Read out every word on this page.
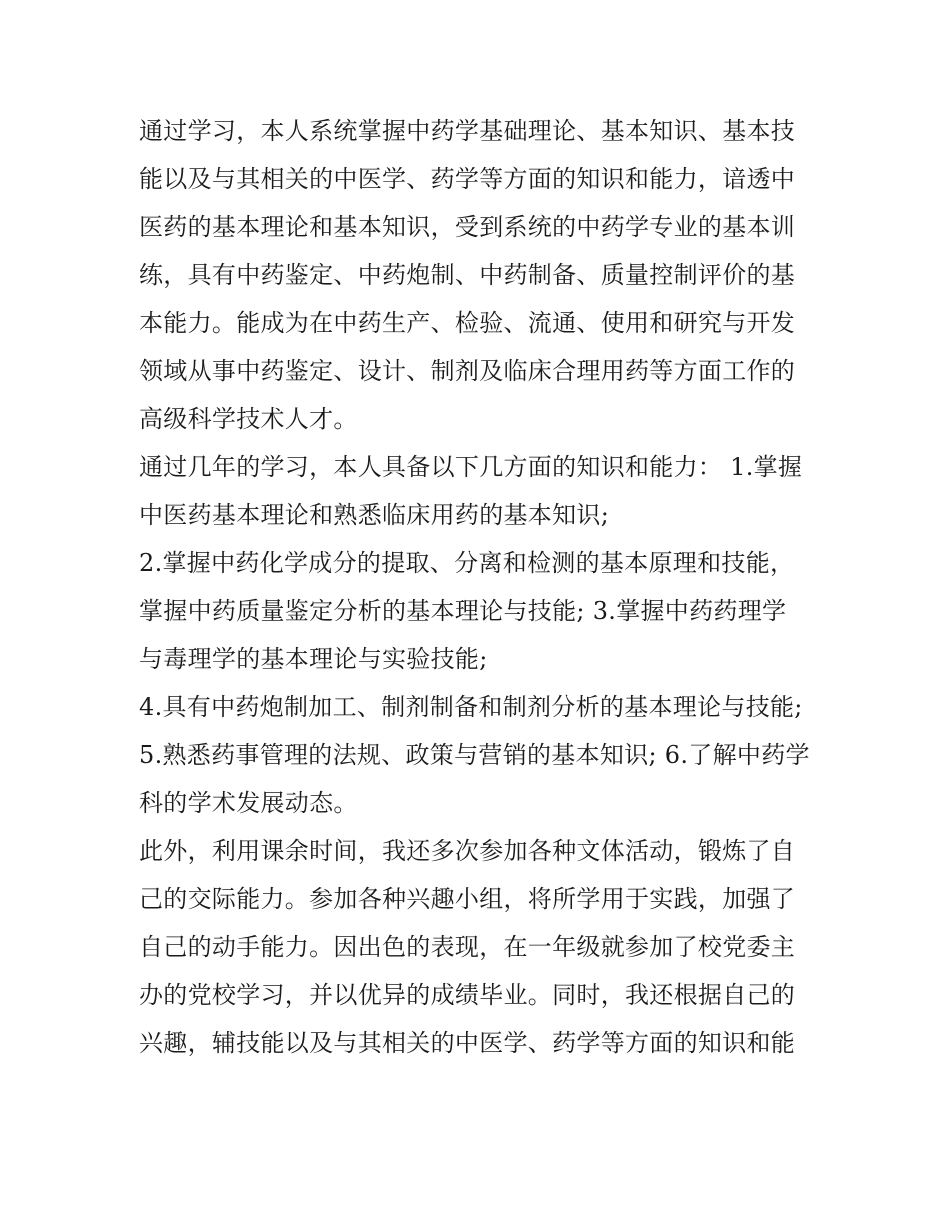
通过学习，本人系统掌握中药学基础理论、基本知识、基本技
能以及与其相关的中医学、药学等方面的知识和能力，谙透中
医药的基本理论和基本知识，受到系统的中药学专业的基本训
练，具有中药鉴定、中药炮制、中药制备、质量控制评价的基
本能力。能成为在中药生产、检验、流通、使用和研究与开发
领域从事中药鉴定、设计、制剂及临床合理用药等方面工作的
高级科学技术人才。
通过几年的学习，本人具备以下几方面的知识和能力： 1.掌握
中医药基本理论和熟悉临床用药的基本知识;
2.掌握中药化学成分的提取、分离和检测的基本原理和技能，
掌握中药质量鉴定分析的基本理论与技能; 3.掌握中药药理学
与毒理学的基本理论与实验技能;
4.具有中药炮制加工、制剂制备和制剂分析的基本理论与技能;
5.熟悉药事管理的法规、政策与营销的基本知识; 6.了解中药学
科的学术发展动态。
此外，利用课余时间，我还多次参加各种文体活动，锻炼了自
己的交际能力。参加各种兴趣小组，将所学用于实践，加强了
自己的动手能力。因出色的表现，在一年级就参加了校党委主
办的党校学习，并以优异的成绩毕业。同时，我还根据自己的
兴趣，辅技能以及与其相关的中医学、药学等方面的知识和能
